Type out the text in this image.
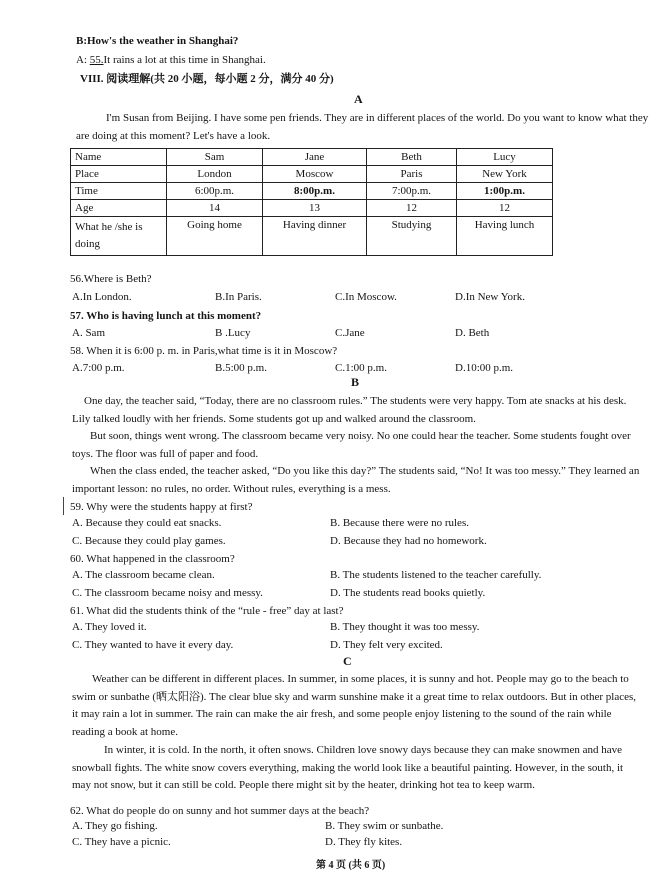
B:How's the weather in Shanghai?
A: 55.It rains a lot at this time in Shanghai.
VIII. 阅读理解(共 20 小题，每小题 2 分，满分 40 分)
A
I'm Susan from Beijing. I have some pen friends. They are in different places of the world. Do you want to know what they are doing at this moment? Let's have a look.
Name	Sam	Jane	Beth	Lucy
Place	London	Moscow	Paris	New York
Time	6:00p.m.	8:00p.m.	7:00p.m.	1:00p.m.
Age	14	13	12	12
What he /she is doing	Going home	Having dinner	Studying	Having lunch
56.Where is Beth?
A.In London.	B.In Paris.	C.In Moscow.	D.In New York.
57. Who is having lunch at this moment?
A. Sam	B .Lucy	C.Jane	D. Beth
58. When it is 6:00 p. m. in Paris,what time is it in Moscow?
A.7:00 p.m.	B.5:00 p.m.	C.1:00 p.m.	D.10:00 p.m.
B
One day, the teacher said, “Today, there are no classroom rules.” The students were very happy. Tom ate snacks at his desk. Lily talked loudly with her friends. Some students got up and walked around the classroom.
But soon, things went wrong. The classroom became very noisy. No one could hear the teacher. Some students fought over toys. The floor was full of paper and food.
When the class ended, the teacher asked, “Do you like this day?” The students said, “No! It was too messy.” They learned an important lesson: no rules, no order. Without rules, everything is a mess.
59. Why were the students happy at first?
A. Because they could eat snacks.	B. Because there were no rules.
C. Because they could play games.	D. Because they had no homework.
60. What happened in the classroom?
A. The classroom became clean.	B. The students listened to the teacher carefully.
C. The classroom became noisy and messy.	D. The students read books quietly.
61. What did the students think of the “rule - free” day at last?
A. They loved it.	B. They thought it was too messy.
C. They wanted to have it every day.	D. They felt very excited.
C
Weather can be different in different places. In summer, in some places, it is sunny and hot. People may go to the beach to swim or sunbathe (晒太阳浴). The clear blue sky and warm sunshine make it a great time to relax outdoors. But in other places, it may rain a lot in summer. The rain can make the air fresh, and some people enjoy listening to the sound of the rain while reading a book at home.
In winter, it is cold. In the north, it often snows. Children love snowy days because they can make snowmen and have snowball fights. The white snow covers everything, making the world look like a beautiful painting. However, in the south, it may not snow, but it can still be cold. People there might sit by the heater, drinking hot tea to keep warm.
62. What do people do on sunny and hot summer days at the beach?
A. They go fishing.	B. They swim or sunbathe.
C. They have a picnic.	D. They fly kites.
第 4 页 (共 6 页)
